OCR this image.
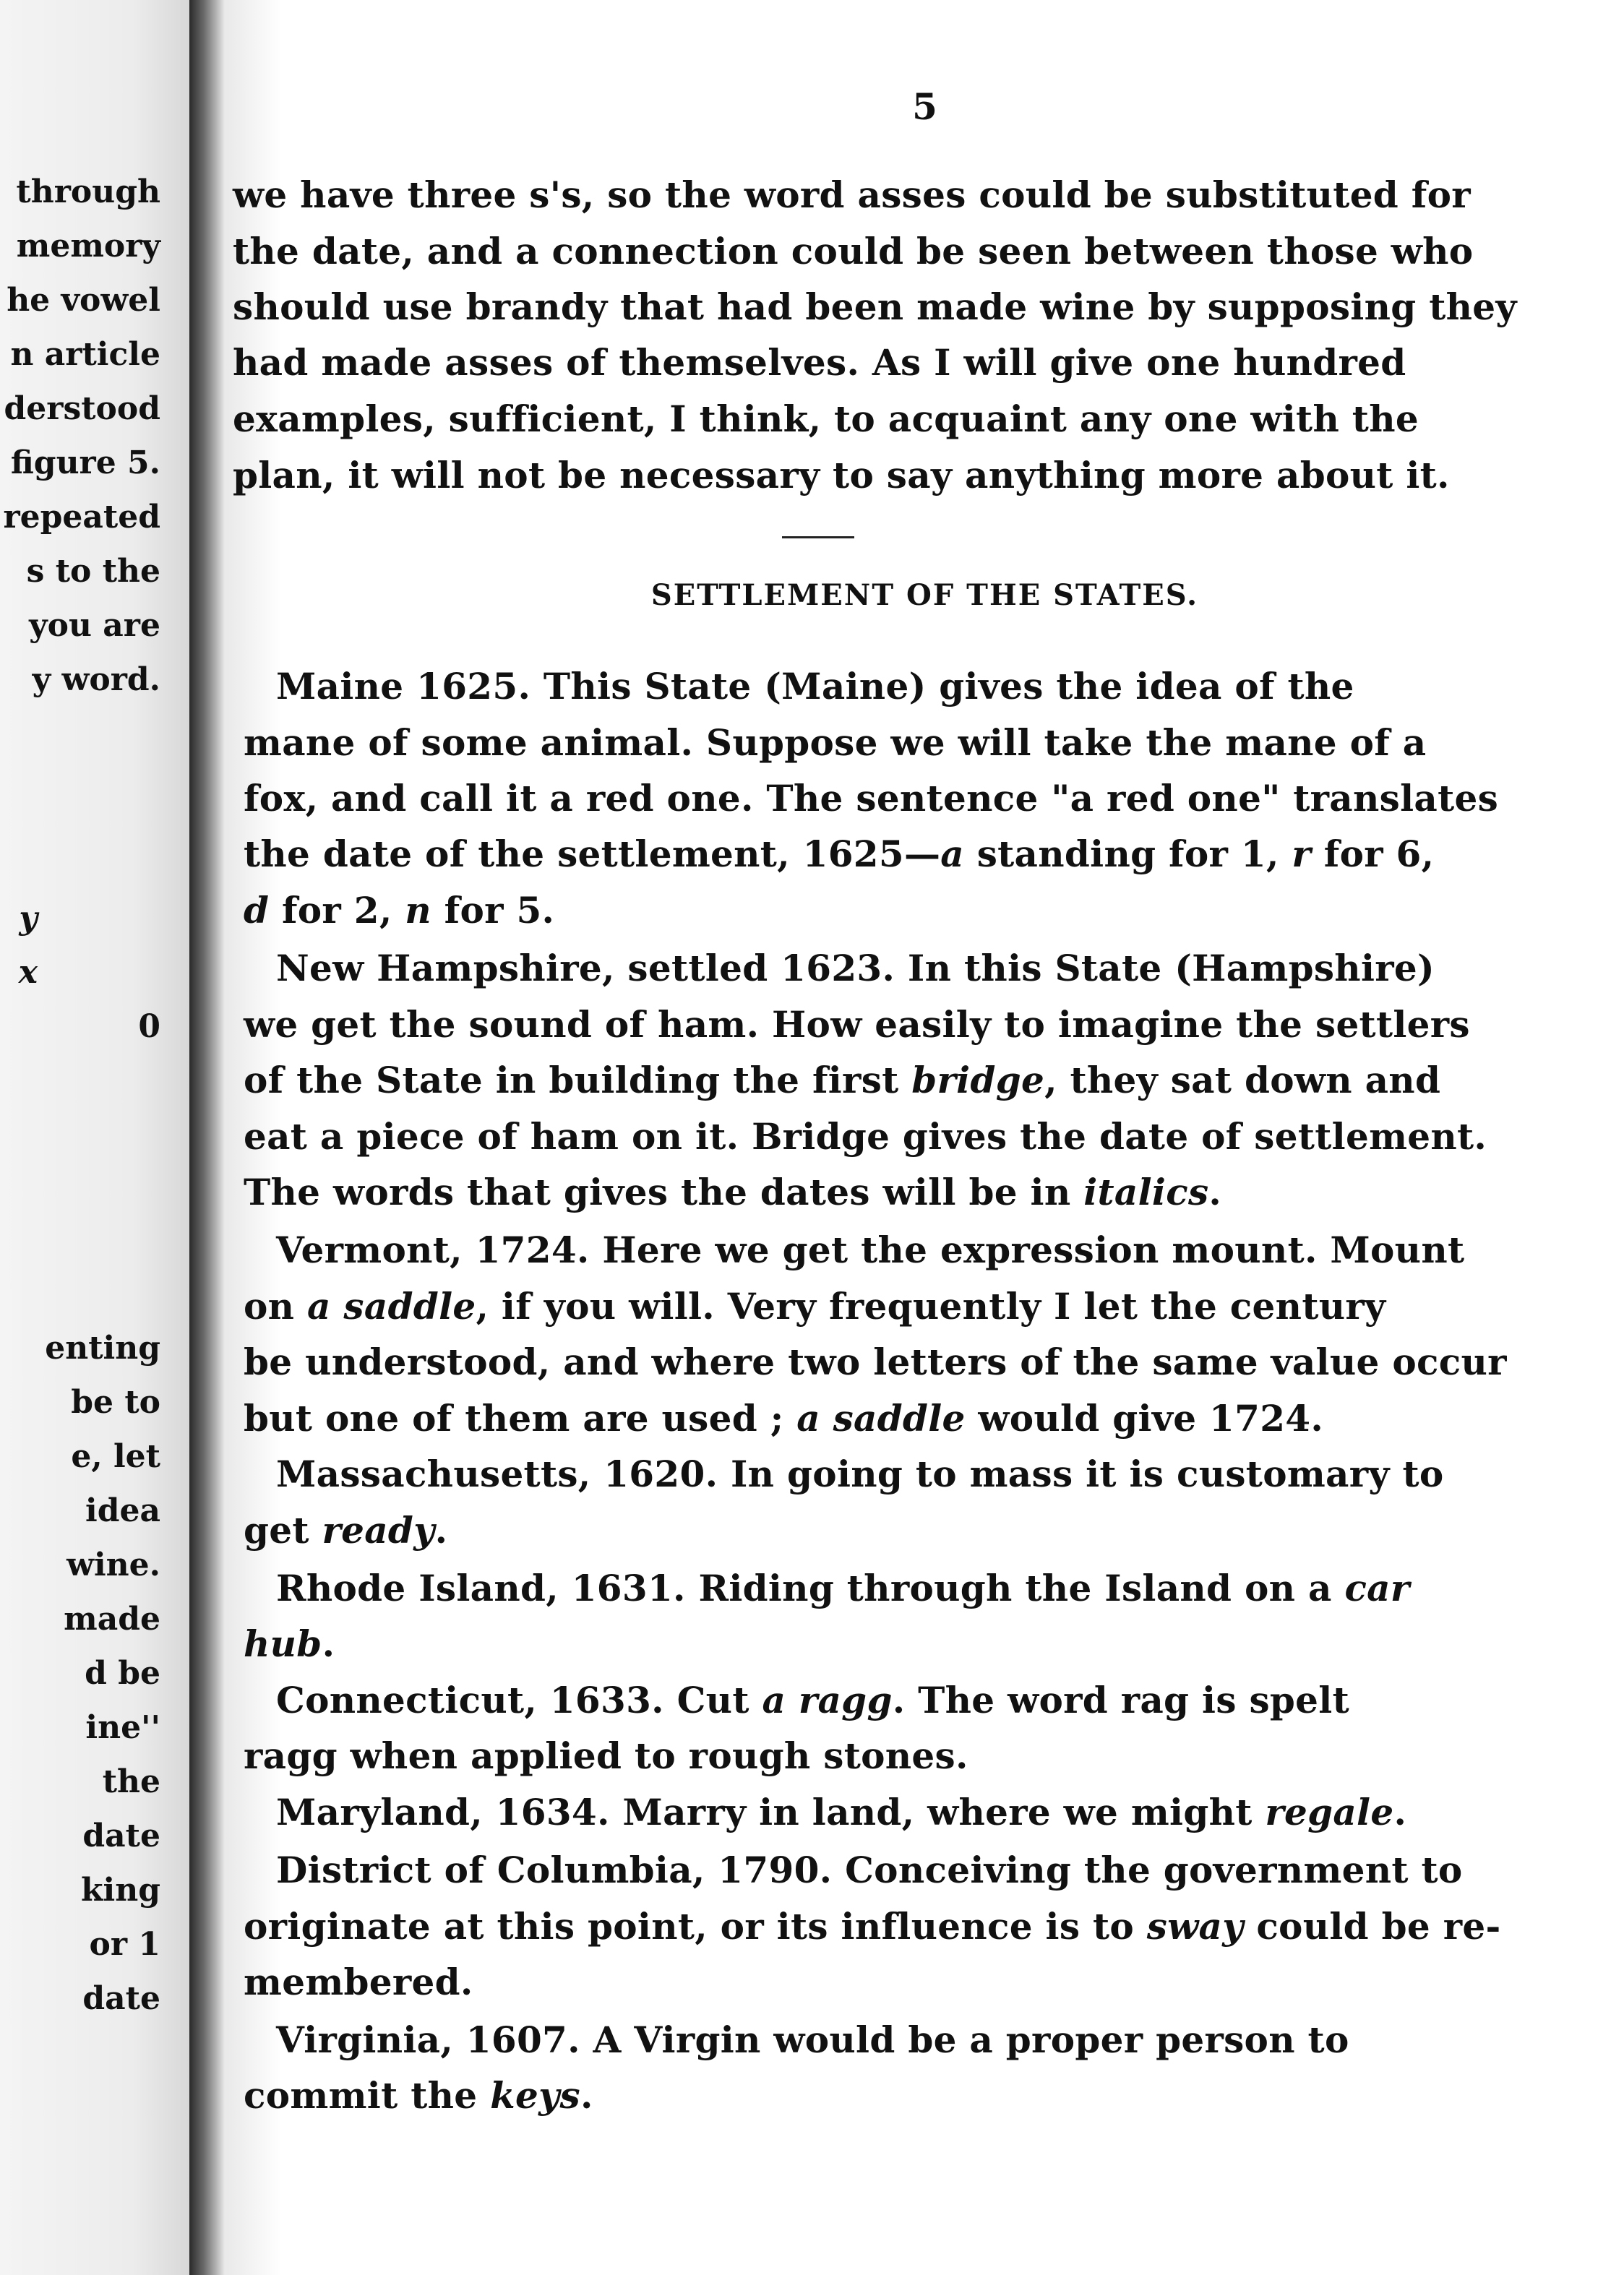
through
memory
he vowel
n article
derstood
figure 5.
repeated
s to the
you are
y word.
y
x
0
enting
be to
e, let
idea
wine.
made
d be
ine''
the
date
king
or 1
date
5
we have three s's, so the word asses could be substituted for
the date, and a connection could be seen between those who
should use brandy that had been made wine by supposing they
had made asses of themselves. As I will give one hundred
examples, sufficient, I think, to acquaint any one with the
plan, it will not be necessary to say anything more about it.
SETTLEMENT OF THE STATES.
Maine 1625. This State (Maine) gives the idea of the
mane of some animal. Suppose we will take the mane of a
fox, and call it a red one. The sentence "a red one" translates
the date of the settlement, 1625—a standing for 1, r for 6,
d for 2, n for 5.
New Hampshire, settled 1623. In this State (Hampshire)
we get the sound of ham. How easily to imagine the settlers
of the State in building the first bridge, they sat down and
eat a piece of ham on it. Bridge gives the date of settlement.
The words that gives the dates will be in italics.
Vermont, 1724. Here we get the expression mount. Mount
on a saddle, if you will. Very frequently I let the century
be understood, and where two letters of the same value occur
but one of them are used ; a saddle would give 1724.
Massachusetts, 1620. In going to mass it is customary to
get ready.
Rhode Island, 1631. Riding through the Island on a car
hub.
Connecticut, 1633. Cut a ragg. The word rag is spelt
ragg when applied to rough stones.
Maryland, 1634. Marry in land, where we might regale.
District of Columbia, 1790. Conceiving the government to
originate at this point, or its influence is to sway could be re-
membered.
Virginia, 1607. A Virgin would be a proper person to
commit the keys.
